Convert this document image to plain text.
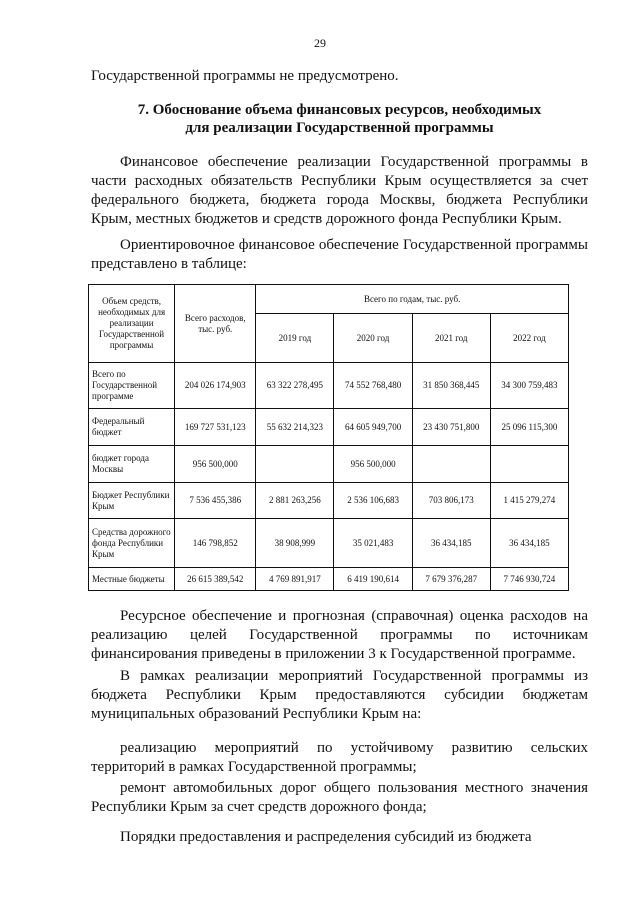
29
Государственной программы не предусмотрено.
7. Обоснование объема финансовых ресурсов, необходимых
для реализации Государственной программы

Финансовое обеспечение реализации Государственной программы в части расходных обязательств Республики Крым осуществляется за счет федерального бюджета, бюджета города Москвы, бюджета Республики Крым, местных бюджетов и средств дорожного фонда Республики Крым.

Ориентировочное финансовое обеспечение Государственной программы представлено в таблице:

Объем средств, необходимых для реализации Государственной программы	Всего расходов, тыс. руб.	Всего по годам, тыс. руб.			
		2019 год	2020 год	2021 год	2022 год
Всего по Государственной программе	204 026 174,903	63 322 278,495	74 552 768,480	31 850 368,445	34 300 759,483
Федеральный бюджет	169 727 531,123	55 632 214,323	64 605 949,700	23 430 751,800	25 096 115,300
бюджет города Москвы	956 500,000		956 500,000		
Бюджет Республики Крым	7 536 455,386	2 881 263,256	2 536 106,683	703 806,173	1 415 279,274
Средства дорожного фонда Республики Крым	146 798,852	38 908,999	35 021,483	36 434,185	36 434,185
Местные бюджеты	26 615 389,542	4 769 891,917	6 419 190,614	7 679 376,287	7 746 930,724

Ресурсное обеспечение и прогнозная (справочная) оценка расходов на реализацию целей Государственной программы по источникам финансирования приведены в приложении 3 к Государственной программе.

В рамках реализации мероприятий Государственной программы из бюджета Республики Крым предоставляются субсидии бюджетам муниципальных образований Республики Крым на:

реализацию мероприятий по устойчивому развитию сельских территорий в рамках Государственной программы;

ремонт автомобильных дорог общего пользования местного значения Республики Крым за счет средств дорожного фонда;

Порядки предоставления и распределения субсидий из бюджета
